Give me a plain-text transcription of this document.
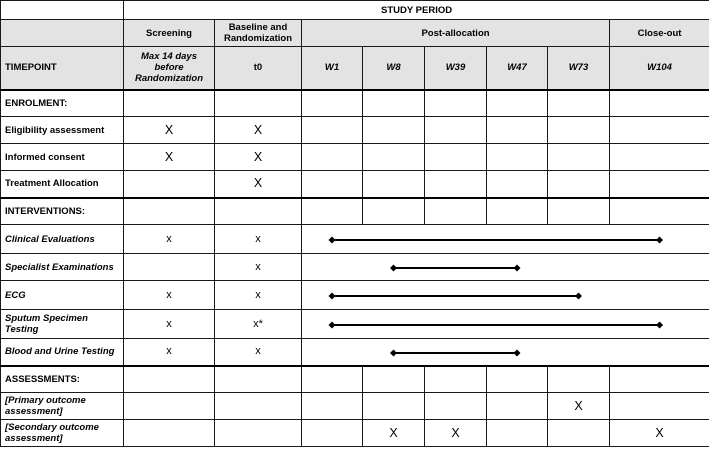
	STUDY PERIOD							
	Screening	Baseline and Randomization	Post-allocation					Close-out
TIMEPOINT	Max 14 days before Randomization	t0	W1	W8	W39	W47	W73	W104
ENROLMENT:								
Eligibility assessment	X	X						
Informed consent	X	X						
Treatment Allocation		X						
INTERVENTIONS:								
Clinical Evaluations	x	x						
Specialist Examinations		x						
ECG	x	x						
Sputum Specimen Testing	x	x*						
Blood and Urine Testing	x	x						
ASSESSMENTS:								
[Primary outcome assessment]							X	
[Secondary outcome assessment]				X	X			X
